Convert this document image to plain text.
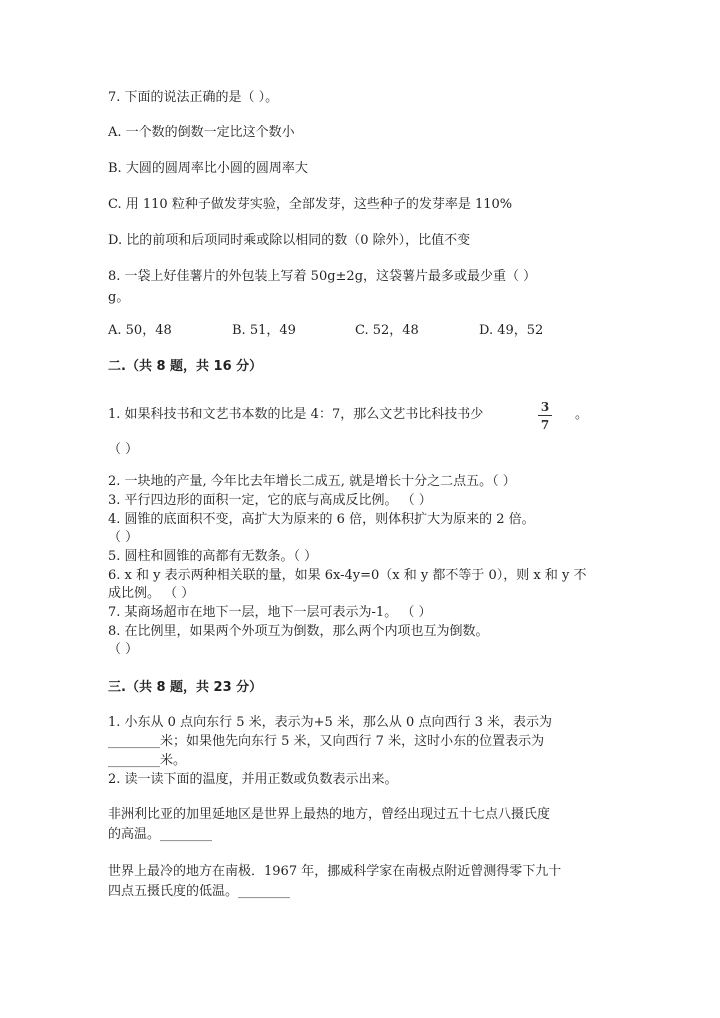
7. 下面的说法正确的是（ ）。
A. 一个数的倒数一定比这个数小
B. 大圆的圆周率比小圆的圆周率大
C. 用 110 粒种子做发芽实验，全部发芽，这些种子的发芽率是 110%
D. 比的前项和后项同时乘或除以相同的数（0 除外），比值不变
8. 一袋上好佳薯片的外包装上写着 50g±2g，这袋薯片最多或最少重（ ）
g。
A. 50，48	B. 51，49	C. 52，48	D. 49，52
二.（共 8 题，共 16 分）
1. 如果科技书和文艺书本数的比是 4：7，那么文艺书比科技书少	3
7
。
（ ）
2. 一块地的产量, 今年比去年增长二成五, 就是增长十分之二点五。（ ）
3. 平行四边形的面积一定，它的底与高成反比例。 （ ）
4. 圆锥的底面积不变，高扩大为原来的 6 倍，则体积扩大为原来的 2 倍。
（ ）
5. 圆柱和圆锥的高都有无数条。（ ）
6. x 和 y 表示两种相关联的量，如果 6x-4y=0（x 和 y 都不等于 0），则 x 和 y 不
成比例。 （ ）
7. 某商场超市在地下一层，地下一层可表示为-1。 （ ）
8. 在比例里，如果两个外项互为倒数，那么两个内项也互为倒数。
（ ）
三.（共 8 题，共 23 分）
1. 小东从 0 点向东行 5 米，表示为+5 米，那么从 0 点向西行 3 米，表示为
________米；如果他先向东行 5 米，又向西行 7 米，这时小东的位置表示为
________米。
2. 读一读下面的温度，并用正数或负数表示出来。
非洲利比亚的加里延地区是世界上最热的地方，曾经出现过五十七点八摄氏度
的高温。________
世界上最冷的地方在南极．1967 年，挪威科学家在南极点附近曾测得零下九十
四点五摄氏度的低温。________
